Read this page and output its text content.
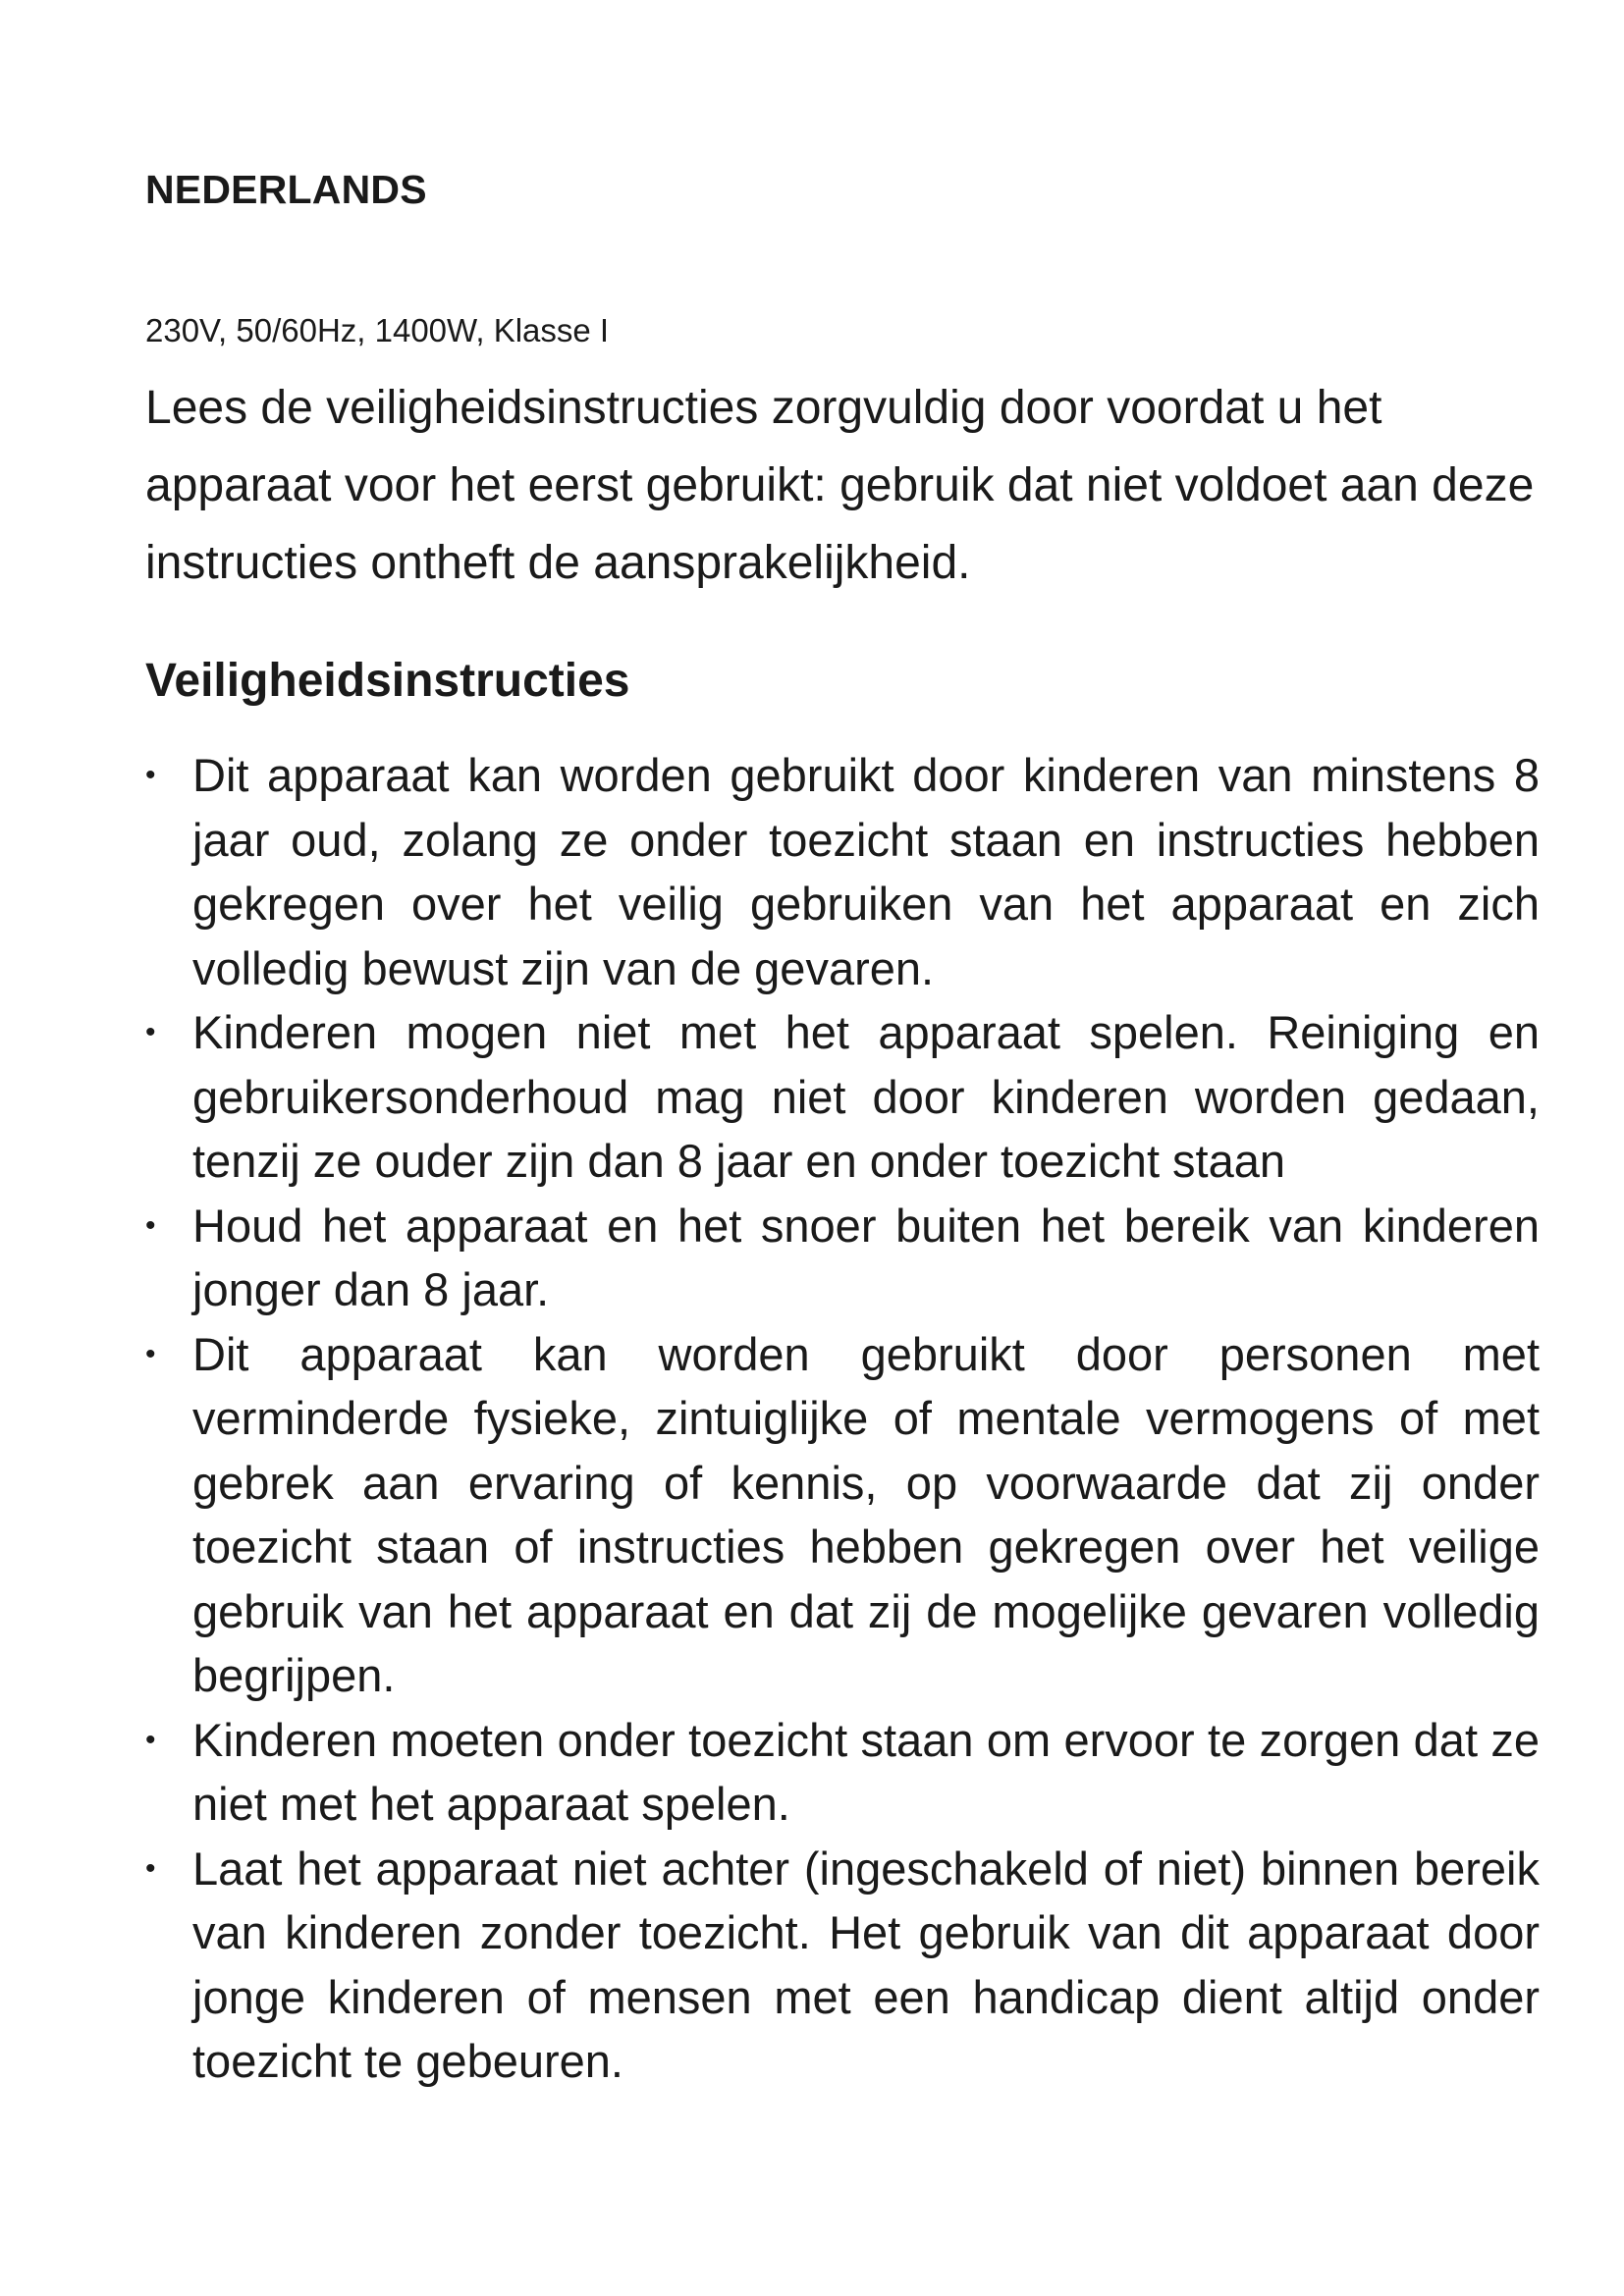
NEDERLANDS

230V, 50/60Hz, 1400W, Klasse I

Lees de veiligheidsinstructies zorgvuldig door voordat u het apparaat voor het eerst gebruikt: gebruik dat niet voldoet aan deze instructies ontheft de aansprakelijkheid.

Veiligheidsinstructies
• Dit apparaat kan worden gebruikt door kinderen van minstens 8 jaar oud, zolang ze onder toezicht staan en instructies hebben gekregen over het veilig gebruiken van het apparaat en zich volledig bewust zijn van de gevaren.
• Kinderen mogen niet met het apparaat spelen. Reiniging en gebruikersonderhoud mag niet door kinderen worden gedaan, tenzij ze ouder zijn dan 8 jaar en onder toezicht staan
• Houd het apparaat en het snoer buiten het bereik van kinderen jonger dan 8 jaar.
• Dit apparaat kan worden gebruikt door personen met verminderde fysieke, zintuiglijke of mentale vermogens of met gebrek aan ervaring of kennis, op voorwaarde dat zij onder toezicht staan of instructies hebben gekregen over het veilige gebruik van het apparaat en dat zij de mogelijke gevaren volledig begrijpen.
• Kinderen moeten onder toezicht staan om ervoor te zorgen dat ze niet met het apparaat spelen.
• Laat het apparaat niet achter (ingeschakeld of niet) binnen bereik van kinderen zonder toezicht. Het gebruik van dit apparaat door jonge kinderen of mensen met een handicap dient altijd onder toezicht te gebeuren.
